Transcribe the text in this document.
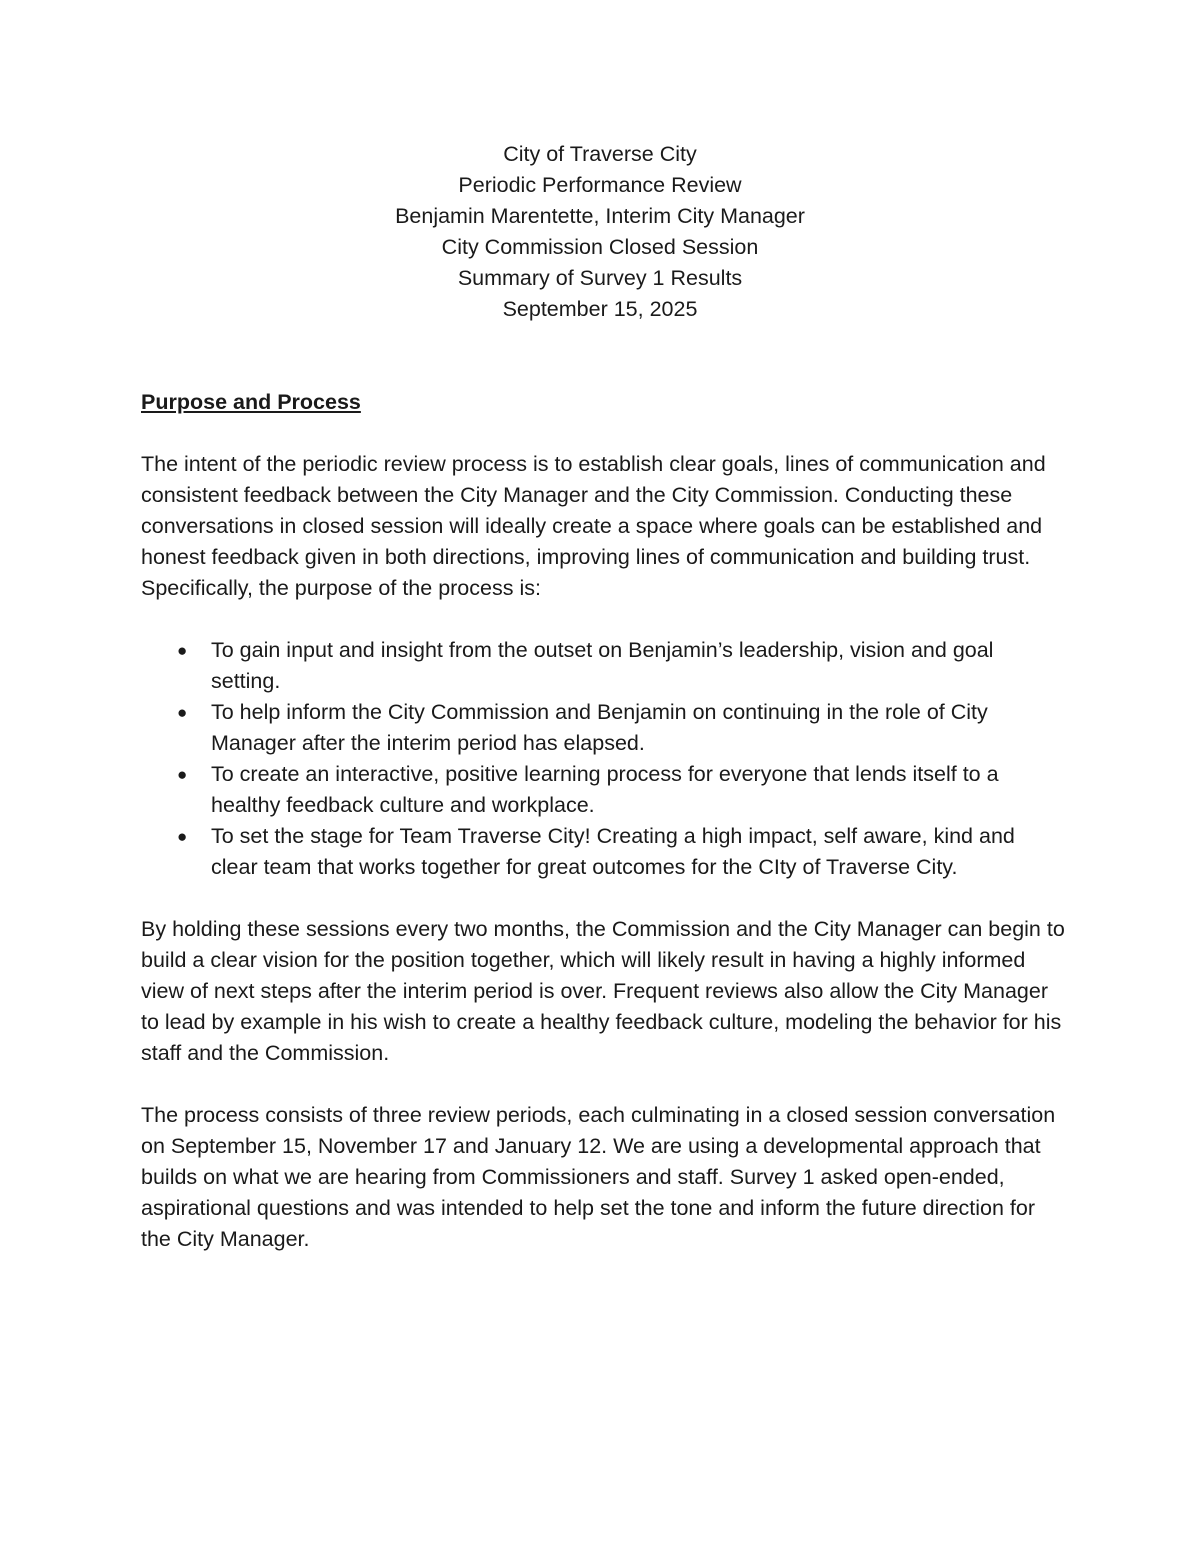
City of Traverse City
Periodic Performance Review
Benjamin Marentette, Interim City Manager
City Commission Closed Session
Summary of Survey 1 Results
September 15, 2025
Purpose and Process

The intent of the periodic review process is to establish clear goals, lines of communication and consistent feedback between the City Manager and the City Commission. Conducting these conversations in closed session will ideally create a space where goals can be established and honest feedback given in both directions, improving lines of communication and building trust. Specifically, the purpose of the process is:

● To gain input and insight from the outset on Benjamin’s leadership, vision and goal setting.
● To help inform the City Commission and Benjamin on continuing in the role of City Manager after the interim period has elapsed.
● To create an interactive, positive learning process for everyone that lends itself to a healthy feedback culture and workplace.
● To set the stage for Team Traverse City! Creating a high impact, self aware, kind and clear team that works together for great outcomes for the CIty of Traverse City.

By holding these sessions every two months, the Commission and the City Manager can begin to build a clear vision for the position together, which will likely result in having a highly informed view of next steps after the interim period is over. Frequent reviews also allow the City Manager to lead by example in his wish to create a healthy feedback culture, modeling the behavior for his staff and the Commission.

The process consists of three review periods, each culminating in a closed session conversation on September 15, November 17 and January 12. We are using a developmental approach that builds on what we are hearing from Commissioners and staff. Survey 1 asked open-ended, aspirational questions and was intended to help set the tone and inform the future direction for the City Manager.
